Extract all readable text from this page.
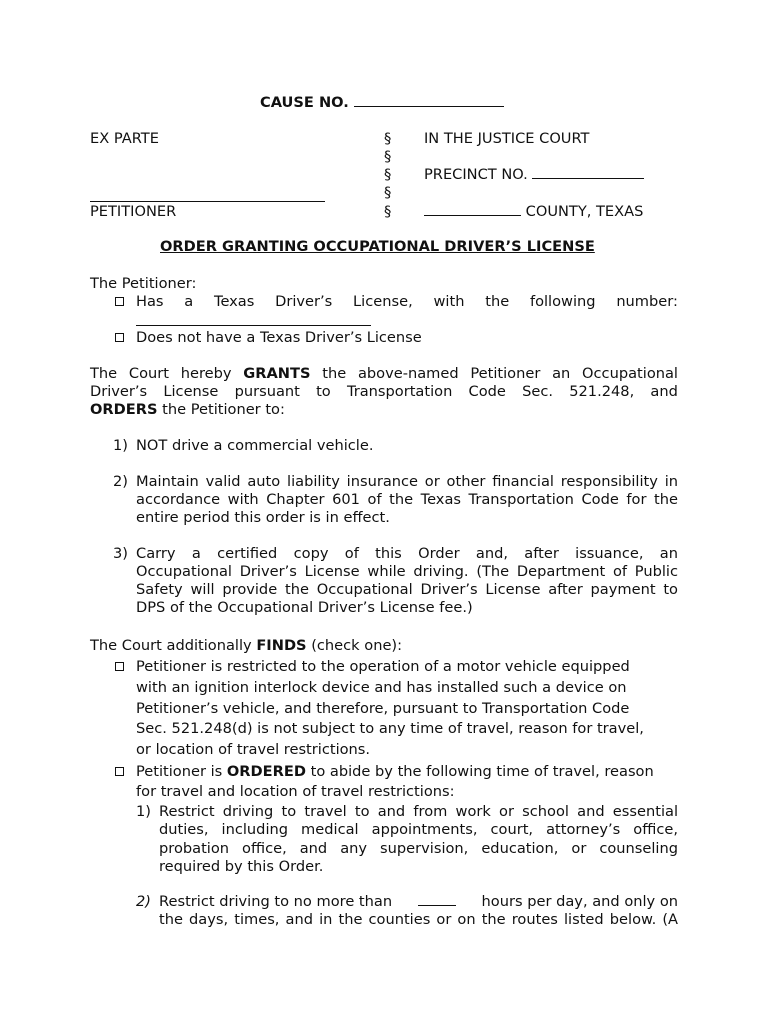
CAUSE NO.
EX PARTE
PETITIONER
§
§
§
§
§
IN THE JUSTICE COURT
PRECINCT NO.
COUNTY, TEXAS
ORDER GRANTING OCCUPATIONAL DRIVER’S LICENSE
The Petitioner:
Has a Texas Driver’s License, with the following number:
Does not have a Texas Driver’s License
The Court hereby GRANTS the above-named Petitioner an Occupational
Driver’s License pursuant to Transportation Code Sec. 521.248, and
ORDERS the Petitioner to:
1) NOT drive a commercial vehicle.
2) Maintain valid auto liability insurance or other financial responsibility in
accordance with Chapter 601 of the Texas Transportation Code for the
entire period this order is in effect.
3) Carry a certified copy of this Order and, after issuance, an
Occupational Driver’s License while driving. (The Department of Public
Safety will provide the Occupational Driver’s License after payment to
DPS of the Occupational Driver’s License fee.)
The Court additionally FINDS (check one):
Petitioner is restricted to the operation of a motor vehicle equipped
with an ignition interlock device and has installed such a device on
Petitioner’s vehicle, and therefore, pursuant to Transportation Code
Sec. 521.248(d) is not subject to any time of travel, reason for travel,
or location of travel restrictions.
Petitioner is ORDERED to abide by the following time of travel, reason
for travel and location of travel restrictions:
1) Restrict driving to travel to and from work or school and essential
duties, including medical appointments, court, attorney’s office,
probation office, and any supervision, education, or counseling
required by this Order.
2) Restrict driving to no more than	hours per day, and only on
the days, times, and in the counties or on the routes listed below. (A
